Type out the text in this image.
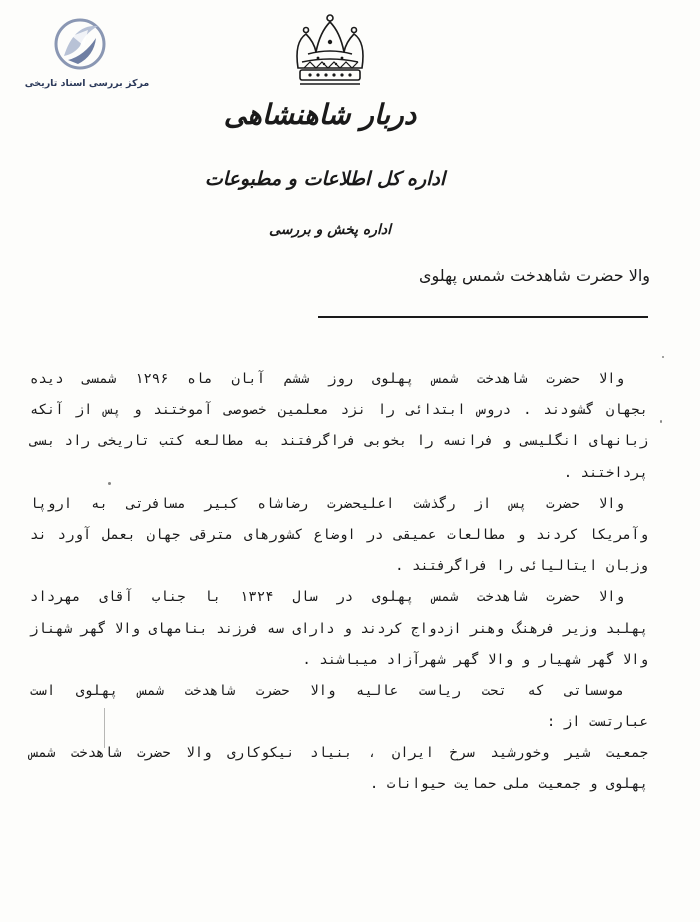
مرکز بررسی اسناد تاریخی
دربار شاهنشاهی
اداره کل اطلاعات و مطبوعات
اداره پخش و بررسی
والا حضرت شاهدخت شمس پهلوی
والا حضرت شاهدخت شمس پهلوی روز ششم آبان ماه ۱۲۹۶ شمسی دیده
بجهان گشودند . دروس ابتدائی را نزد معلمین خصوصی آموختند و پس از آنکه
زبانهای انگلیسی و فرانسه را بخوبی فراگرفتند به مطالعه کتب تاریخی راد بسی
پرداختند .
والا حضرت پس از رگذشت اعلیحضرت رضاشاه کبیر مسافرتی به اروپا
وآمریکا کردند و مطالعات عمیقی در اوضاع کشورهای مترقی جهان بعمل آورد ند
وزبان ایتالیائی را فراگرفتند .
والا حضرت شاهدخت شمس پهلوی در سال ۱۳۲۴ با جناب آقای مهرداد
پهلبد وزیر فرهنگ وهنر ازدواج کردند و دارای سه فرزند بنامهای والا گهر شهناز
والا گهر شهیار و والا گهر شهرآزاد میباشند .
موسساتی که تحت ریاست عالیه والا حضرت شاهدخت شمس پهلوی است
عبارتست از :
جمعیت شیر وخورشید سرخ ایران ، بنیاد نیکوکاری والا حضرت شاهدخت شمس
پهلوی و جمعیت ملی حمایت حیوانات .
